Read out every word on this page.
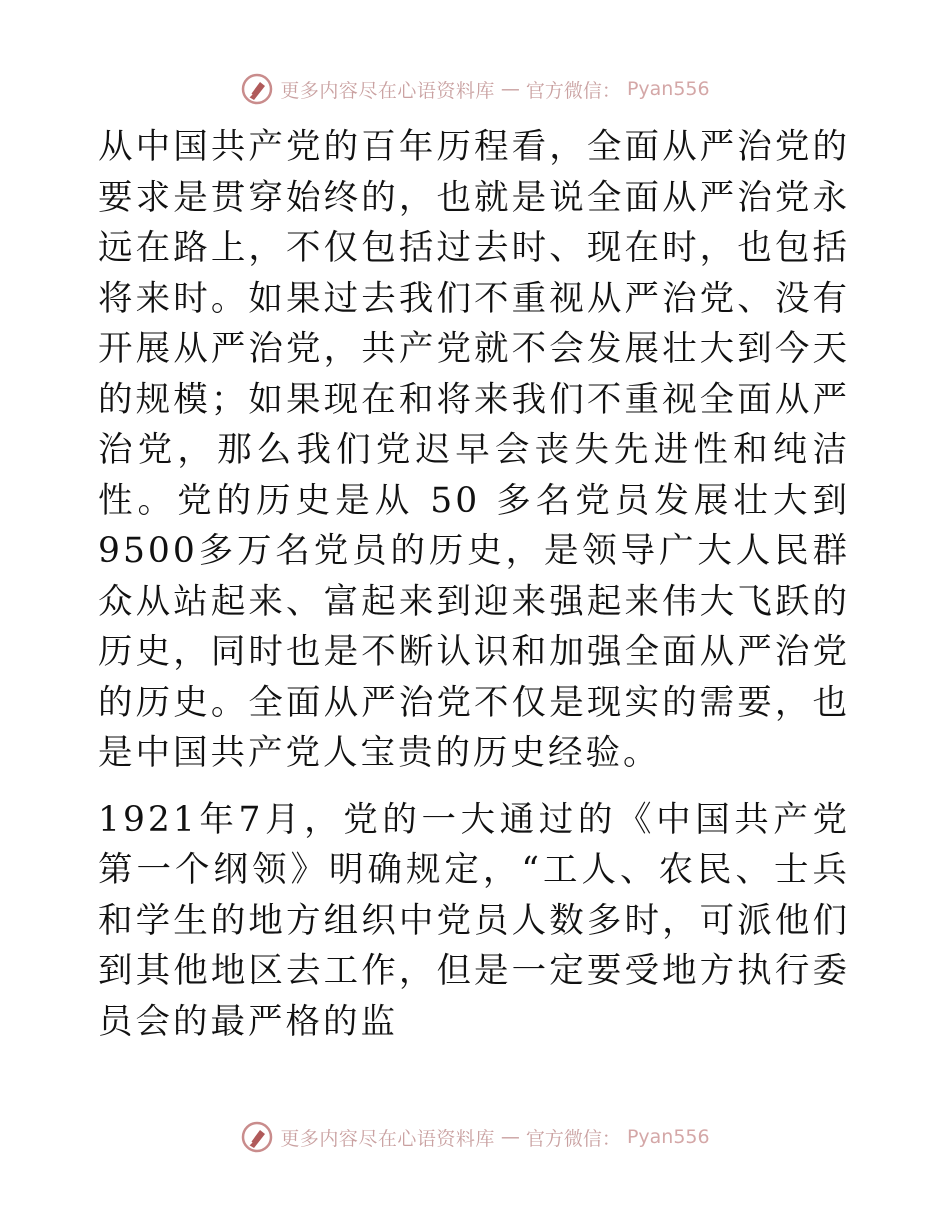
更多内容尽在心语资料库 — 官方微信： Pyan556

从中国共产党的百年历程看，全面从严治党的要求是贯穿始终的，也就是说全面从严治党永远在路上，不仅包括过去时、现在时，也包括将来时。如果过去我们不重视从严治党、没有开展从严治党，共产党就不会发展壮大到今天的规模；如果现在和将来我们不重视全面从严治党，那么我们党迟早会丧失先进性和纯洁性。党的历史是从 50 多名党员发展壮大到9500多万名党员的历史，是领导广大人民群众从站起来、富起来到迎来强起来伟大飞跃的历史，同时也是不断认识和加强全面从严治党的历史。全面从严治党不仅是现实的需要，也是中国共产党人宝贵的历史经验。

1921年7月，党的一大通过的《中国共产党第一个纲领》明确规定，“工人、农民、士兵和学生的地方组织中党员人数多时，可派他们到其他地区去工作，但是一定要受地方执行委员会的最严格的监

更多内容尽在心语资料库 — 官方微信： Pyan556
